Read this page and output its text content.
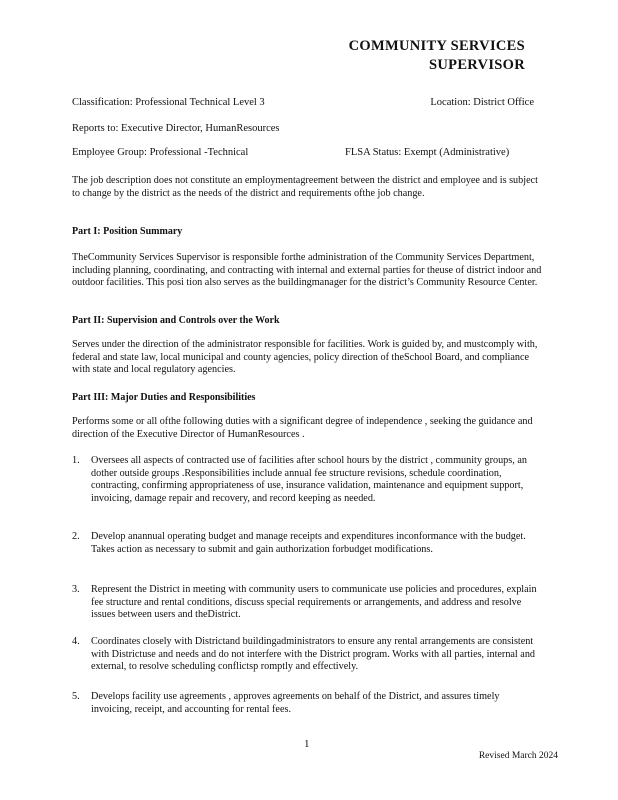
COMMUNITY SERVICES
SUPERVISOR
Classification: Professional Technical Level 3	Location: District Office
Reports to: Executive Director, HumanResources
Employee Group: Professional -Technical	FLSA Status: Exempt (Administrative)
The job description does not constitute an employmentagreement between the district and employee and is subject to change by the district as the needs of the district and requirements ofthe job change.
Part I: Position Summary
TheCommunity Services Supervisor is responsible forthe administration of the Community Services Department, including planning, coordinating, and contracting with internal and external parties for theuse of district indoor and outdoor facilities. This posi tion also serves as the buildingmanager for the district’s Community Resource Center.
Part II: Supervision and Controls over the Work
Serves under the direction of the administrator responsible for facilities. Work is guided by, and mustcomply with, federal and state law, local municipal and county agencies, policy direction of theSchool Board, and compliance with state and local regulatory agencies.
Part III: Major Duties and Responsibilities
Performs some or all ofthe following duties with a significant degree of independence , seeking the guidance and direction of the Executive Director of HumanResources .
1. Oversees all aspects of contracted use of facilities after school hours by the district , community groups, an dother outside groups .Responsibilities include annual fee structure revisions, schedule coordination, contracting, confirming appropriateness of use, insurance validation, maintenance and equipment support, invoicing, damage repair and recovery, and record keeping as needed.
2. Develop anannual operating budget and manage receipts and expenditures inconformance with the budget. Takes action as necessary to submit and gain authorization forbudget modifications.
3. Represent the District in meeting with community users to communicate use policies and procedures, explain fee structure and rental conditions, discuss special requirements or arrangements, and address and resolve issues between users and theDistrict.
4. Coordinates closely with Districtand buildingadministrators to ensure any rental arrangements are consistent with Districtuse and needs and do not interfere with the District program. Works with all parties, internal and external, to resolve scheduling conflictsp romptly and effectively.
5. Develops facility use agreements , approves agreements on behalf of the District, and assures timely invoicing, receipt, and accounting for rental fees.
1
Revised March 2024
